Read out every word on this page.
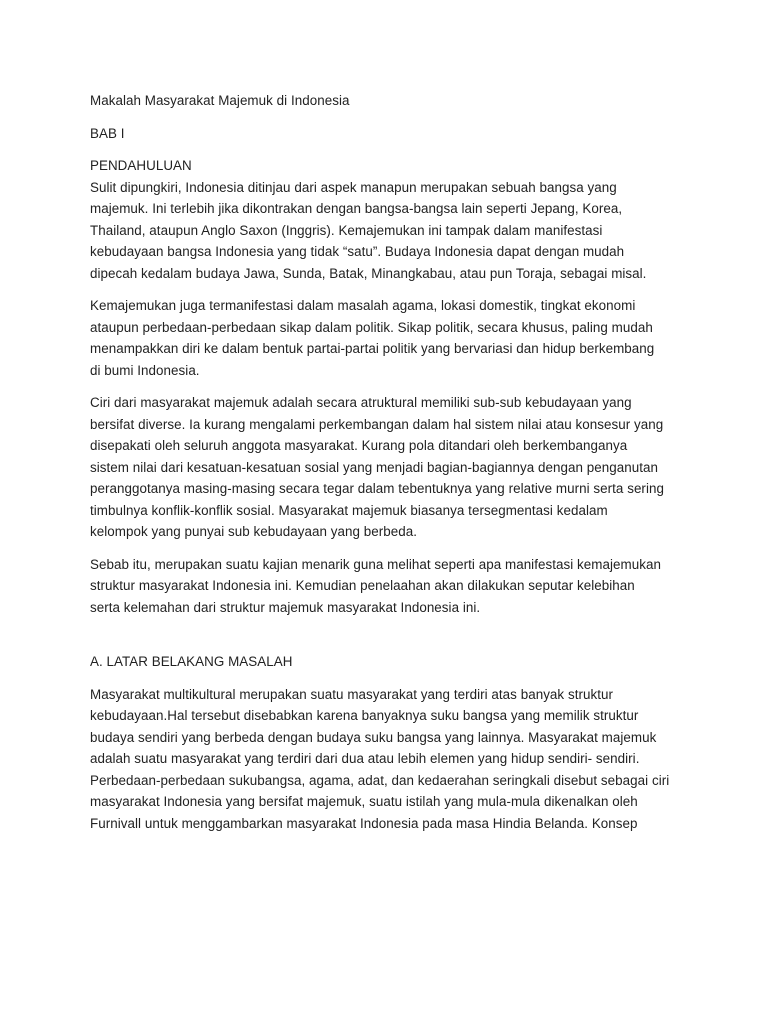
Makalah Masyarakat Majemuk di Indonesia
BAB I
PENDAHULUAN
Sulit dipungkiri, Indonesia ditinjau dari aspek manapun merupakan sebuah bangsa yang
majemuk. Ini terlebih jika dikontrakan dengan bangsa-bangsa lain seperti Jepang, Korea,
Thailand, ataupun Anglo Saxon (Inggris). Kemajemukan ini tampak dalam manifestasi
kebudayaan bangsa Indonesia yang tidak “satu”. Budaya Indonesia dapat dengan mudah
dipecah kedalam budaya Jawa, Sunda, Batak, Minangkabau, atau pun Toraja, sebagai misal.
Kemajemukan juga termanifestasi dalam masalah agama, lokasi domestik, tingkat ekonomi
ataupun perbedaan-perbedaan sikap dalam politik. Sikap politik, secara khusus, paling mudah
menampakkan diri ke dalam bentuk partai-partai politik yang bervariasi dan hidup berkembang
di bumi Indonesia.
Ciri dari masyarakat majemuk adalah secara atruktural memiliki sub-sub kebudayaan yang
bersifat diverse. Ia kurang mengalami perkembangan dalam hal sistem nilai atau konsesur yang
disepakati oleh seluruh anggota masyarakat. Kurang pola ditandari oleh berkembanganya
sistem nilai dari kesatuan-kesatuan sosial yang menjadi bagian-bagiannya dengan penganutan
peranggotanya masing-masing secara tegar dalam tebentuknya yang relative murni serta sering
timbulnya konflik-konflik sosial. Masyarakat majemuk biasanya tersegmentasi kedalam
kelompok yang punyai sub kebudayaan yang berbeda.
Sebab itu, merupakan suatu kajian menarik guna melihat seperti apa manifestasi kemajemukan
struktur masyarakat Indonesia ini. Kemudian penelaahan akan dilakukan seputar kelebihan
serta kelemahan dari struktur majemuk masyarakat Indonesia ini.
A. LATAR BELAKANG MASALAH
Masyarakat multikultural merupakan suatu masyarakat yang terdiri atas banyak struktur
kebudayaan.Hal tersebut disebabkan karena banyaknya suku bangsa yang memilik struktur
budaya sendiri yang berbeda dengan budaya suku bangsa yang lainnya. Masyarakat majemuk
adalah suatu masyarakat yang terdiri dari dua atau lebih elemen yang hidup sendiri- sendiri.
Perbedaan-perbedaan sukubangsa, agama, adat, dan kedaerahan seringkali disebut sebagai ciri
masyarakat Indonesia yang bersifat majemuk, suatu istilah yang mula-mula dikenalkan oleh
Furnivall untuk menggambarkan masyarakat Indonesia pada masa Hindia Belanda. Konsep
